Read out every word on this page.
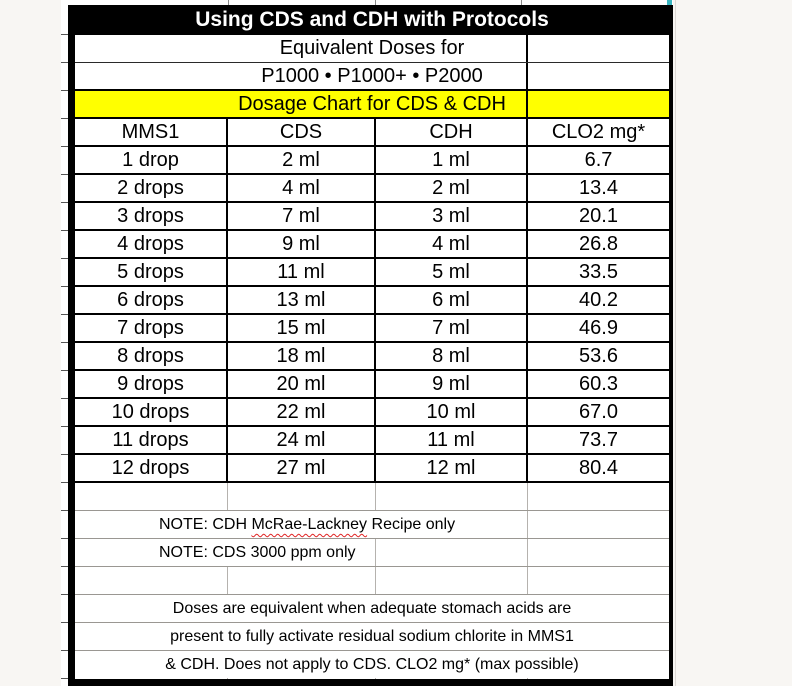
Using CDS and CDH with Protocols
Equivalent Doses for
P1000 • P1000+ • P2000
Dosage Chart for CDS & CDH
MMS1	CDS	CDH	CLO2 mg*
1 drop	2 ml	1 ml	6.7
2 drops	4 ml	2 ml	13.4
3 drops	7 ml	3 ml	20.1
4 drops	9 ml	4 ml	26.8
5 drops	11 ml	5 ml	33.5
6 drops	13 ml	6 ml	40.2
7 drops	15 ml	7 ml	46.9
8 drops	18 ml	8 ml	53.6
9 drops	20 ml	9 ml	60.3
10 drops	22 ml	10 ml	67.0
11 drops	24 ml	11 ml	73.7
12 drops	27 ml	12 ml	80.4
NOTE: CDH McRae-Lackney Recipe only
NOTE: CDS 3000 ppm only
Doses are equivalent when adequate stomach acids are
present to fully activate residual sodium chlorite in MMS1
& CDH. Does not apply to CDS. CLO2 mg* (max possible)
